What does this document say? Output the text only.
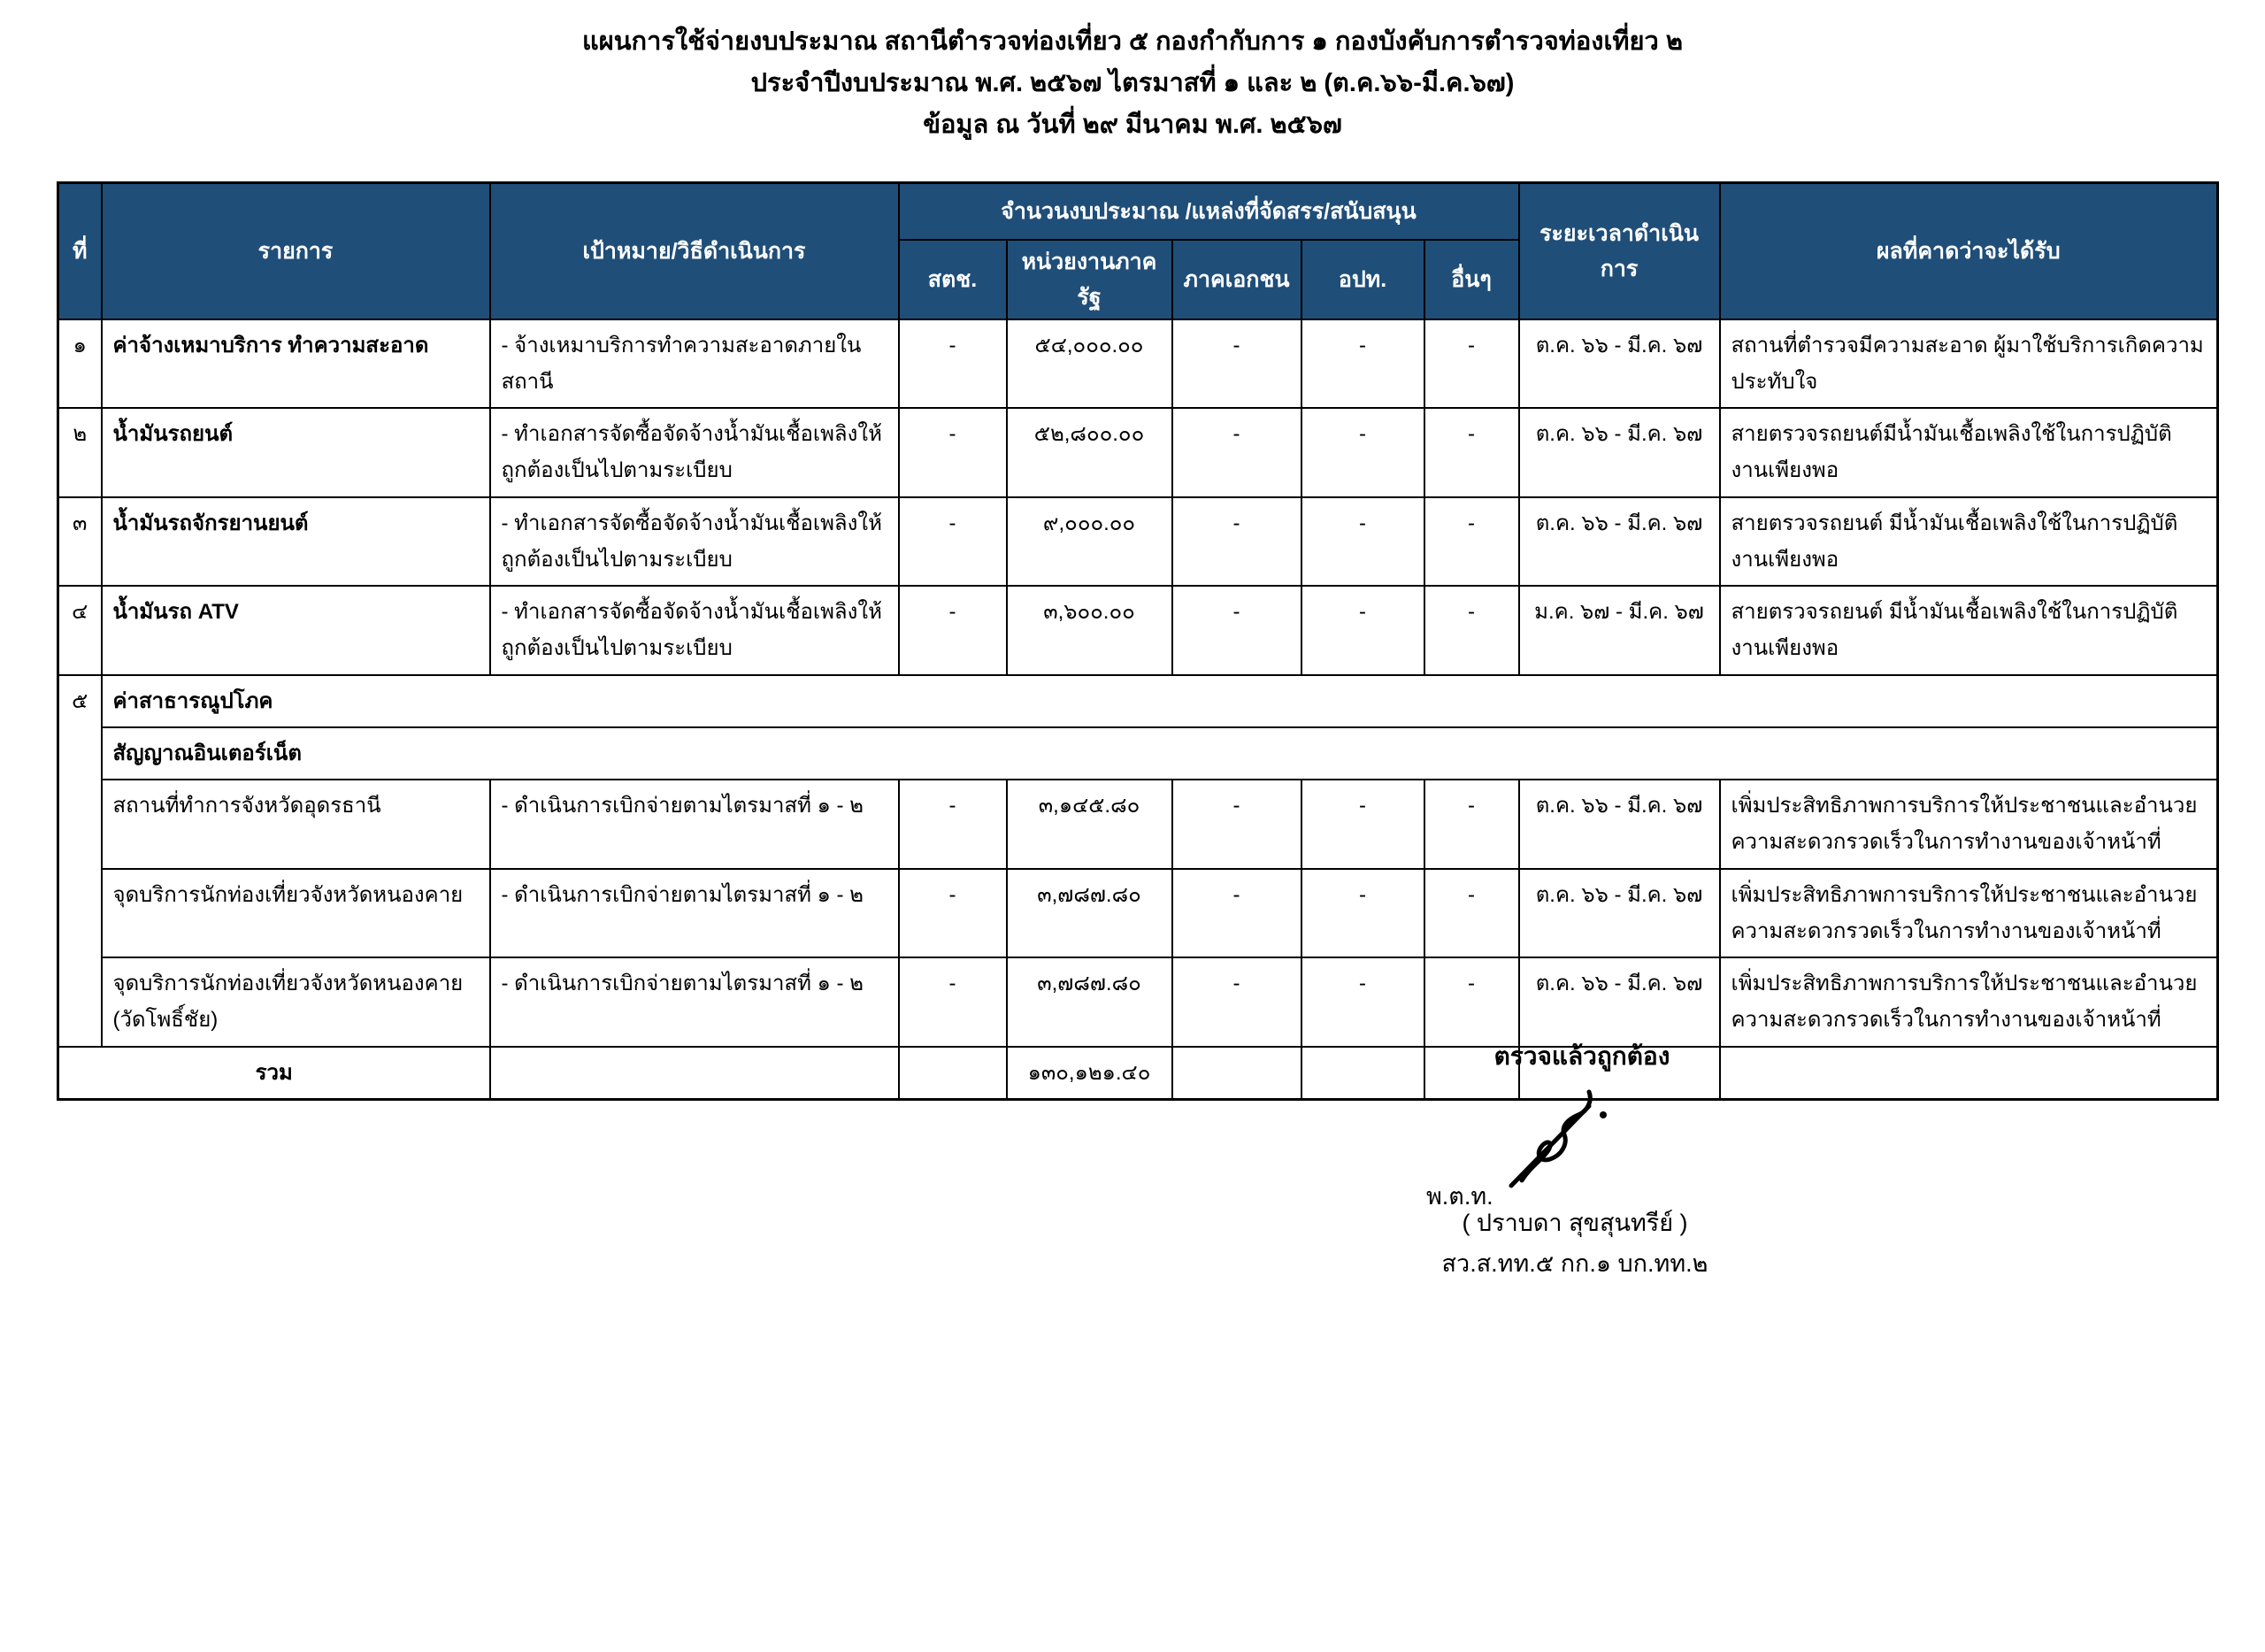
แผนการใช้จ่ายงบประมาณ สถานีตำรวจท่องเที่ยว ๕ กองกำกับการ ๑ กองบังคับการตำรวจท่องเที่ยว ๒
ประจำปีงบประมาณ พ.ศ. ๒๕๖๗ ไตรมาสที่ ๑ และ ๒ (ต.ค.๖๖-มี.ค.๖๗)
ข้อมูล ณ วันที่ ๒๙ มีนาคม พ.ศ. ๒๕๖๗
ที่	รายการ	เป้าหมาย/วิธีดำเนินการ	จำนวนงบประมาณ /แหล่งที่จัดสรร/สนับสนุน					ระยะเวลาดำเนินการ	ผลที่คาดว่าจะได้รับ
			สตช.	หน่วยงานภาครัฐ	ภาคเอกชน	อปท.	อื่นๆ		
๑	ค่าจ้างเหมาบริการ ทำความสะอาด	- จ้างเหมาบริการทำความสะอาดภายในสถานี	-	๕๔,๐๐๐.๐๐	-	-	-	ต.ค. ๖๖ - มี.ค. ๖๗	สถานที่ตำรวจมีความสะอาด ผู้มาใช้บริการเกิดความประทับใจ
๒	น้ำมันรถยนต์	- ทำเอกสารจัดซื้อจัดจ้างน้ำมันเชื้อเพลิงให้ถูกต้องเป็นไปตามระเบียบ	-	๕๒,๘๐๐.๐๐	-	-	-	ต.ค. ๖๖ - มี.ค. ๖๗	สายตรวจรถยนต์มีน้ำมันเชื้อเพลิงใช้ในการปฏิบัติงานเพียงพอ
๓	น้ำมันรถจักรยานยนต์	- ทำเอกสารจัดซื้อจัดจ้างน้ำมันเชื้อเพลิงให้ถูกต้องเป็นไปตามระเบียบ	-	๙,๐๐๐.๐๐	-	-	-	ต.ค. ๖๖ - มี.ค. ๖๗	สายตรวจรถยนต์ มีน้ำมันเชื้อเพลิงใช้ในการปฏิบัติงานเพียงพอ
๔	น้ำมันรถ ATV	- ทำเอกสารจัดซื้อจัดจ้างน้ำมันเชื้อเพลิงให้ถูกต้องเป็นไปตามระเบียบ	-	๓,๖๐๐.๐๐	-	-	-	ม.ค. ๖๗ - มี.ค. ๖๗	สายตรวจรถยนต์ มีน้ำมันเชื้อเพลิงใช้ในการปฏิบัติงานเพียงพอ
๕	ค่าสาธารณูปโภค								
	สัญญาณอินเตอร์เน็ต								
	สถานที่ทำการจังหวัดอุดรธานี	- ดำเนินการเบิกจ่ายตามไตรมาสที่ ๑ - ๒	-	๓,๑๔๕.๘๐	-	-	-	ต.ค. ๖๖ - มี.ค. ๖๗	เพิ่มประสิทธิภาพการบริการให้ประชาชนและอำนวยความสะดวกรวดเร็วในการทำงานของเจ้าหน้าที่
	จุดบริการนักท่องเที่ยวจังหวัดหนองคาย	- ดำเนินการเบิกจ่ายตามไตรมาสที่ ๑ - ๒	-	๓,๗๘๗.๘๐	-	-	-	ต.ค. ๖๖ - มี.ค. ๖๗	เพิ่มประสิทธิภาพการบริการให้ประชาชนและอำนวยความสะดวกรวดเร็วในการทำงานของเจ้าหน้าที่
	จุดบริการนักท่องเที่ยวจังหวัดหนองคาย (วัดโพธิ์ชัย)	- ดำเนินการเบิกจ่ายตามไตรมาสที่ ๑ - ๒	-	๓,๗๘๗.๘๐	-	-	-	ต.ค. ๖๖ - มี.ค. ๖๗	เพิ่มประสิทธิภาพการบริการให้ประชาชนและอำนวยความสะดวกรวดเร็วในการทำงานของเจ้าหน้าที่
รวม				๑๓๐,๑๒๑.๔๐					
ตรวจแล้วถูกต้อง
พ.ต.ท.
( ปราบดา สุขสุนทรีย์ )
สว.ส.ทท.๕ กก.๑ บก.ทท.๒
